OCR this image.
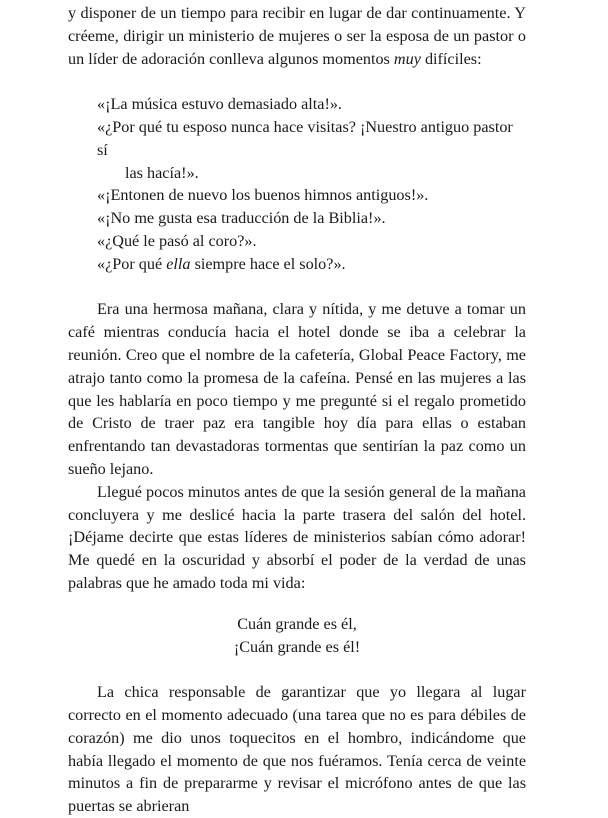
y disponer de un tiempo para recibir en lugar de dar continuamente. Y créeme, dirigir un ministerio de mujeres o ser la esposa de un pastor o un líder de adoración conlleva algunos momentos muy difíciles:

«¡La música estuvo demasiado alta!».
«¿Por qué tu esposo nunca hace visitas? ¡Nuestro antiguo pastor sí
las hacía!».
«¡Entonen de nuevo los buenos himnos antiguos!».
«¡No me gusta esa traducción de la Biblia!».
«¿Qué le pasó al coro?».
«¿Por qué ella siempre hace el solo?».

Era una hermosa mañana, clara y nítida, y me detuve a tomar un café mientras conducía hacia el hotel donde se iba a celebrar la reunión. Creo que el nombre de la cafetería, Global Peace Factory, me atrajo tanto como la promesa de la cafeína. Pensé en las mujeres a las que les hablaría en poco tiempo y me pregunté si el regalo prometido de Cristo de traer paz era tangible hoy día para ellas o estaban enfrentando tan devastadoras tormentas que sentirían la paz como un sueño lejano.

Llegué pocos minutos antes de que la sesión general de la mañana concluyera y me deslicé hacia la parte trasera del salón del hotel. ¡Déjame decirte que estas líderes de ministerios sabían cómo adorar! Me quedé en la oscuridad y absorbí el poder de la verdad de unas palabras que he amado toda mi vida:

Cuán grande es él,

¡Cuán grande es él!

La chica responsable de garantizar que yo llegara al lugar correcto en el momento adecuado (una tarea que no es para débiles de corazón) me dio unos toquecitos en el hombro, indicándome que había llegado el momento de que nos fuéramos. Tenía cerca de veinte minutos a fin de prepararme y revisar el micrófono antes de que las puertas se abrieran
